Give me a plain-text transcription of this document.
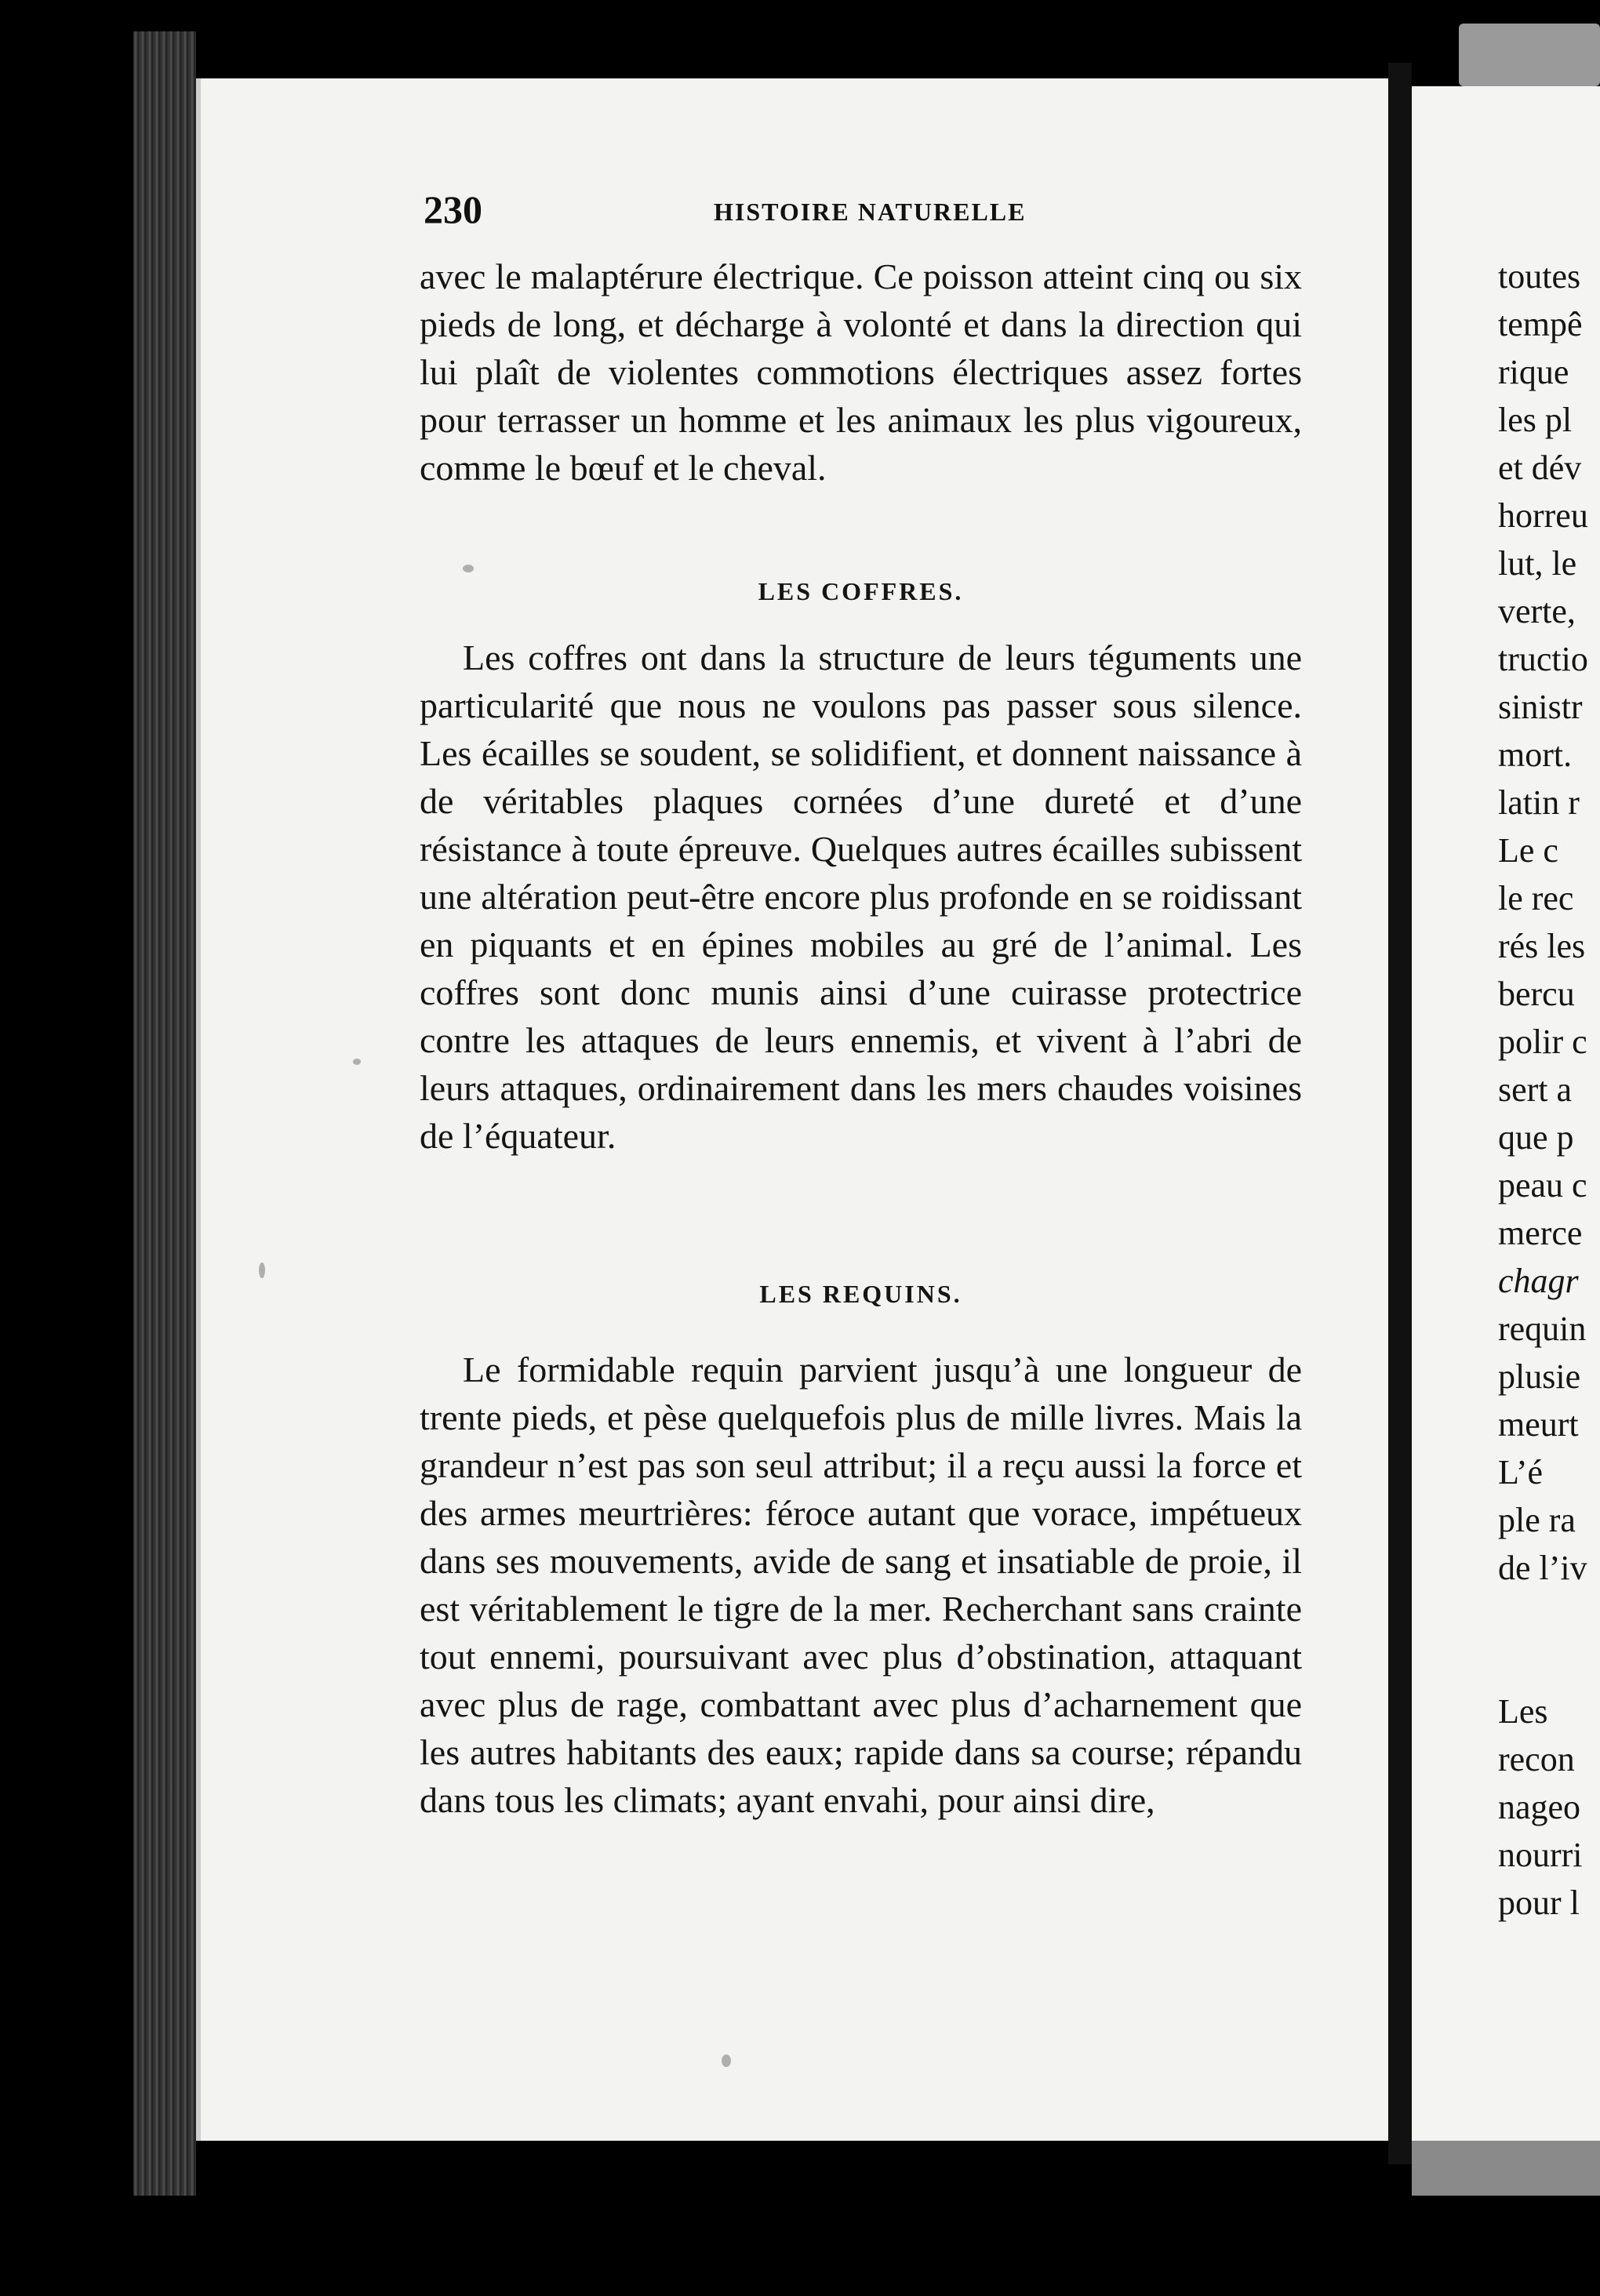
230	HISTOIRE NATURELLE

avec le malaptérure électrique. Ce poisson atteint cinq ou six pieds de long, et décharge à volonté et dans la direction qui lui plaît de violentes commotions électriques assez fortes pour terrasser un homme et les animaux les plus vigoureux, comme le bœuf et le cheval.

LES COFFRES.

Les coffres ont dans la structure de leurs téguments une particularité que nous ne voulons pas passer sous silence. Les écailles se soudent, se solidifient, et donnent naissance à de véritables plaques cornées d’une dureté et d’une résistance à toute épreuve. Quelques autres écailles subissent une altération peut-être encore plus profonde en se roidissant en piquants et en épines mobiles au gré de l’animal. Les coffres sont donc munis ainsi d’une cuirasse protectrice contre les attaques de leurs ennemis, et vivent à l’abri de leurs attaques, ordinairement dans les mers chaudes voisines de l’équateur.

LES REQUINS.

Le formidable requin parvient jusqu’à une longueur de trente pieds, et pèse quelquefois plus de mille livres. Mais la grandeur n’est pas son seul attribut; il a reçu aussi la force et des armes meurtrières: féroce autant que vorace, impétueux dans ses mouvements, avide de sang et insatiable de proie, il est véritablement le tigre de la mer. Recherchant sans crainte tout ennemi, poursuivant avec plus d’obstination, attaquant avec plus de rage, combattant avec plus d’acharnement que les autres habitants des eaux; rapide dans sa course; répandu dans tous les climats; ayant envahi, pour ainsi dire,

toutes
tempê
rique
les pl
et dév
horreu
lut, le
verte,
tructio
sinistr
mort.
latin r
Le c
le rec
rés les
bercu
polir c
sert a
que p
peau c
merce
chagr
requin
plusie
meurt
L’é
ple ra
de l’iv
Les
recon
nageo
nourri
pour l
